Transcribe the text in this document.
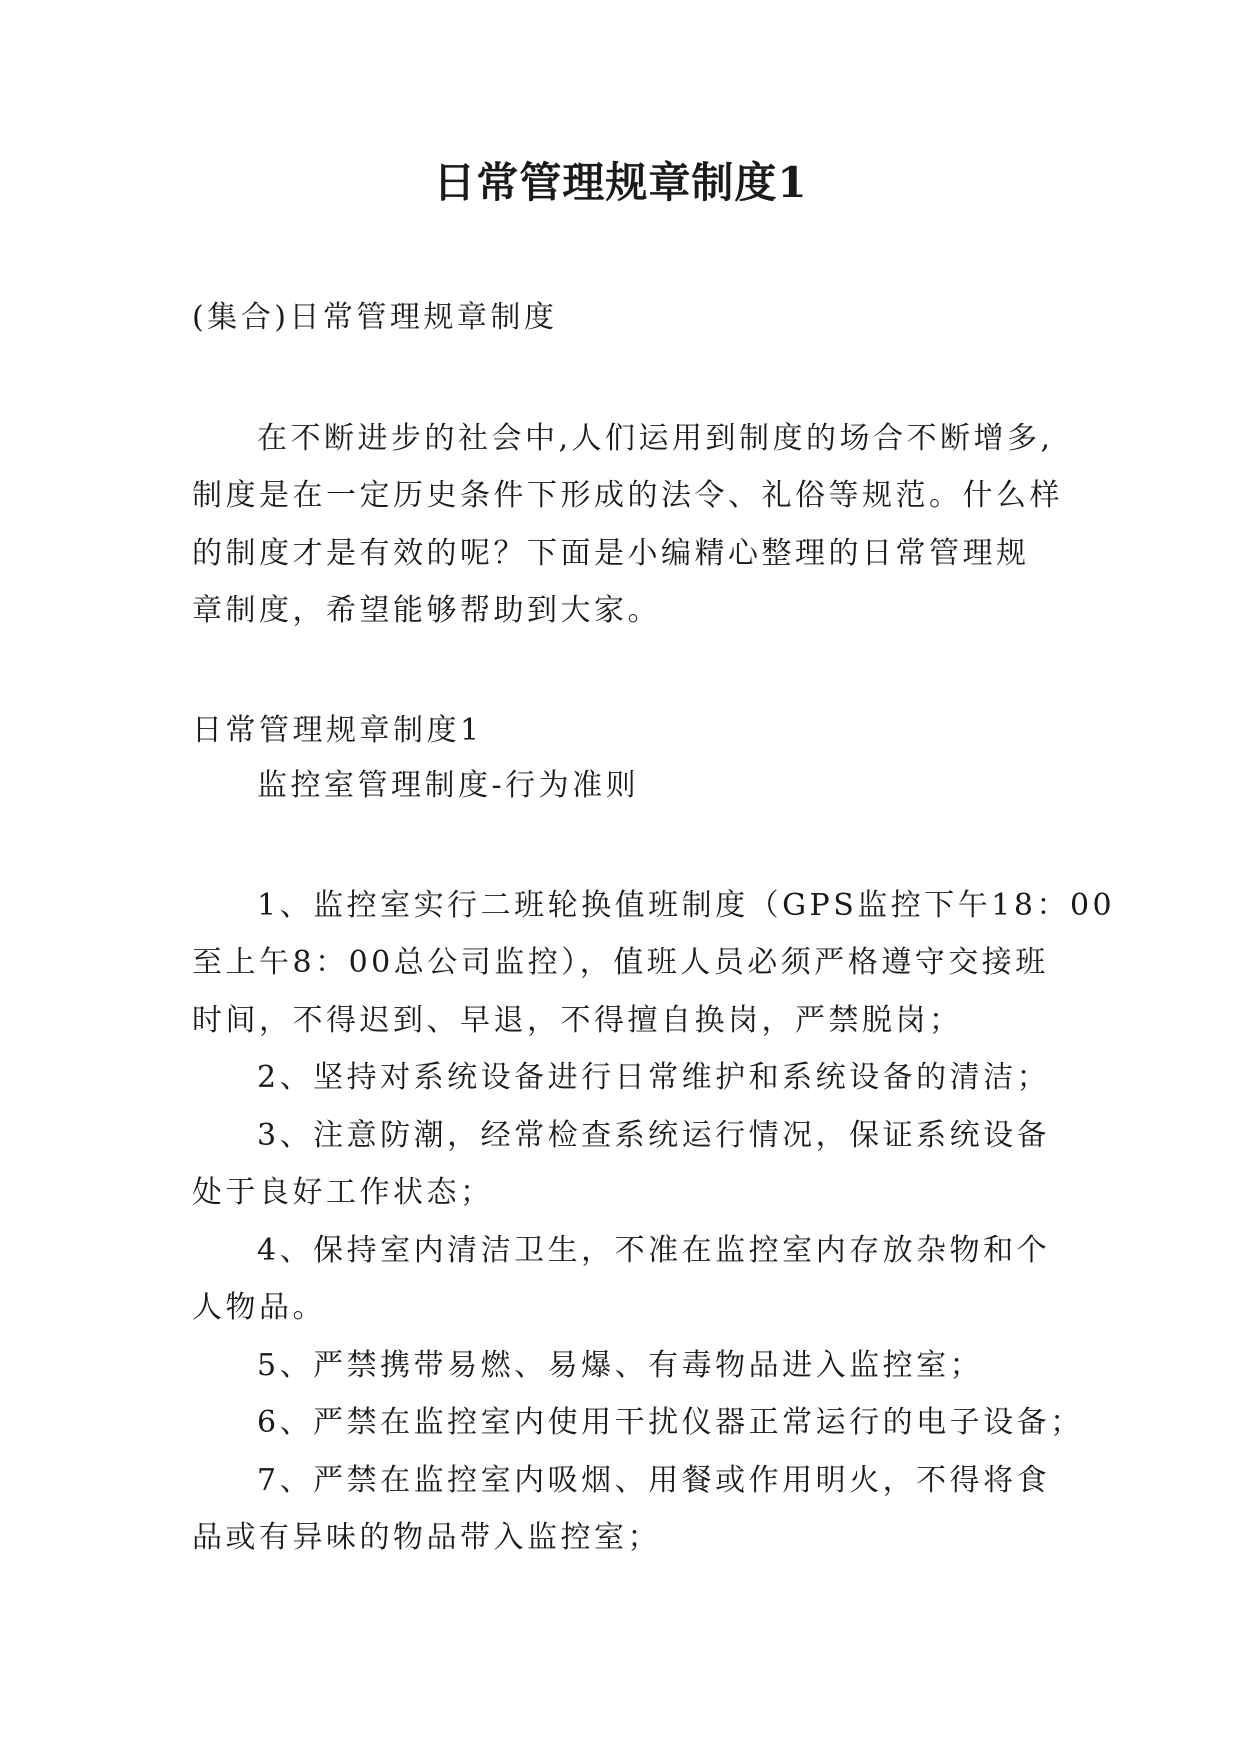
日常管理规章制度1
(集合)日常管理规章制度
在不断进步的社会中,人们运用到制度的场合不断增多,
制度是在一定历史条件下形成的法令、礼俗等规范。什么样
的制度才是有效的呢？下面是小编精心整理的日常管理规
章制度，希望能够帮助到大家。
日常管理规章制度1
监控室管理制度-行为准则
1、监控室实行二班轮换值班制度（GPS监控下午18：00
至上午8：00总公司监控），值班人员必须严格遵守交接班
时间，不得迟到、早退，不得擅自换岗，严禁脱岗；
2、坚持对系统设备进行日常维护和系统设备的清洁；
3、注意防潮，经常检查系统运行情况，保证系统设备
处于良好工作状态；
4、保持室内清洁卫生，不准在监控室内存放杂物和个
人物品。
5、严禁携带易燃、易爆、有毒物品进入监控室；
6、严禁在监控室内使用干扰仪器正常运行的电子设备；
7、严禁在监控室内吸烟、用餐或作用明火，不得将食
品或有异味的物品带入监控室；
